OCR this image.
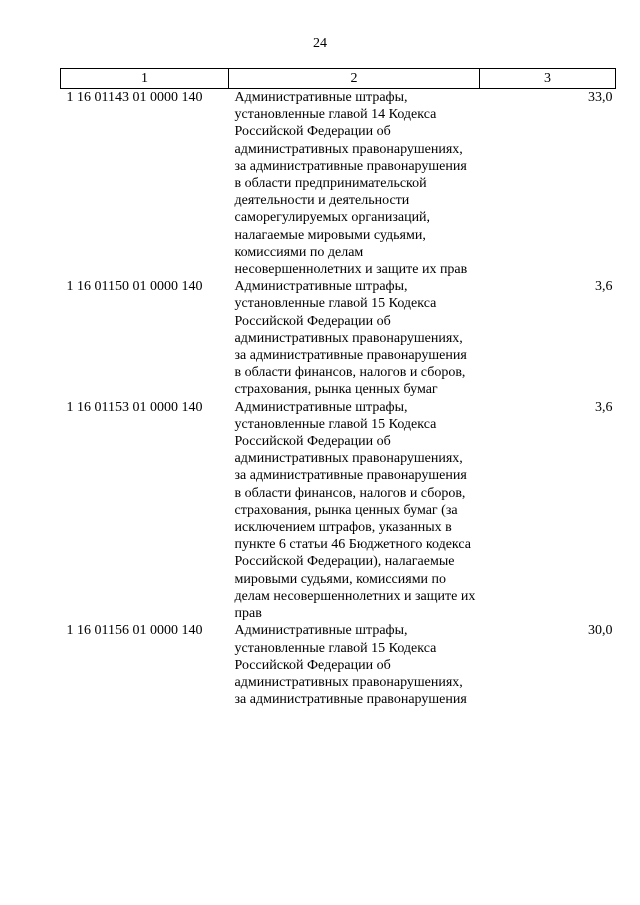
24
1	2	3
1 16 01143 01 0000 140	Административные штрафы, установленные главой 14 Кодекса Российской Федерации об административных правонарушениях, за административные правонарушения в области предпринимательской деятельности и деятельности саморегулируемых организаций, налагаемые мировыми судьями, комиссиями по делам несовершеннолетних и защите их прав	33,0
1 16 01150 01 0000 140	Административные штрафы, установленные главой 15 Кодекса Российской Федерации об административных правонарушениях, за административные правонарушения в области финансов, налогов и сборов, страхования, рынка ценных бумаг	3,6
1 16 01153 01 0000 140	Административные штрафы, установленные главой 15 Кодекса Российской Федерации об административных правонарушениях, за административные правонарушения в области финансов, налогов и сборов, страхования, рынка ценных бумаг (за исключением штрафов, указанных в пункте 6 статьи 46 Бюджетного кодекса Российской Федерации), налагаемые мировыми судьями, комиссиями по делам несовершеннолетних и защите их прав	3,6
1 16 01156 01 0000 140	Административные штрафы, установленные главой 15 Кодекса Российской Федерации об административных правонарушениях, за административные правонарушения	30,0
